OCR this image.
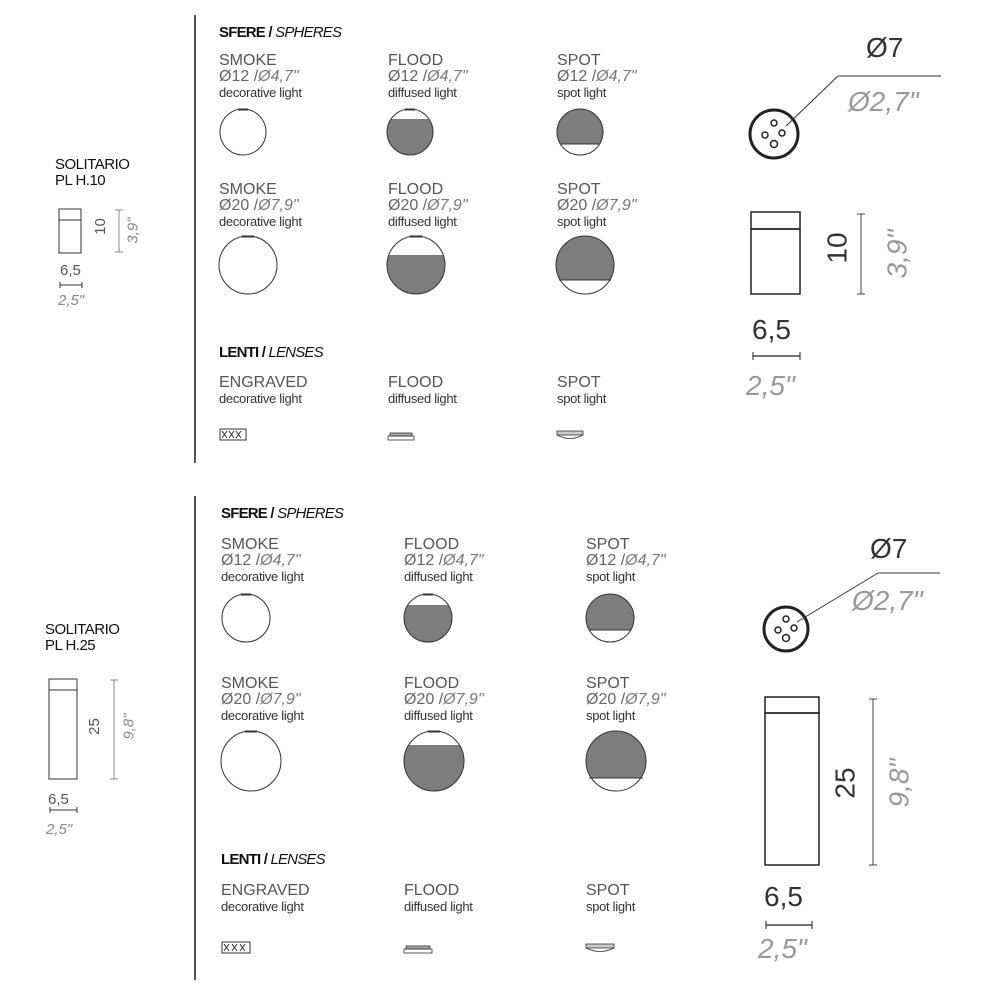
SOLITARIO
PL H.10
10	3,9"
6,5
2,5"
SFERE / SPHERES
SMOKE
Ø12 /Ø4,7"
decorative light
FLOOD
Ø12 /Ø4,7"
diffused light
SPOT
Ø12 /Ø4,7"
spot light
SMOKE
Ø20 /Ø7,9"
decorative light
FLOOD
Ø20 /Ø7,9"
diffused light
SPOT
Ø20 /Ø7,9"
spot light
LENTI / LENSES
ENGRAVED
decorative light
FLOOD
diffused light
SPOT
spot light
Ø7
Ø2,7"
10	3,9"
6,5
2,5"
SOLITARIO
PL H.25
25	9,8"
6,5
2,5"
SFERE / SPHERES
SMOKE
Ø12 /Ø4,7"
decorative light
FLOOD
Ø12 /Ø4,7"
diffused light
SPOT
Ø12 /Ø4,7"
spot light
SMOKE
Ø20 /Ø7,9"
decorative light
FLOOD
Ø20 /Ø7,9"
diffused light
SPOT
Ø20 /Ø7,9"
spot light
LENTI / LENSES
ENGRAVED
decorative light
FLOOD
diffused light
SPOT
spot light
Ø7
Ø2,7"
25 9,8"
6,5
2,5"
